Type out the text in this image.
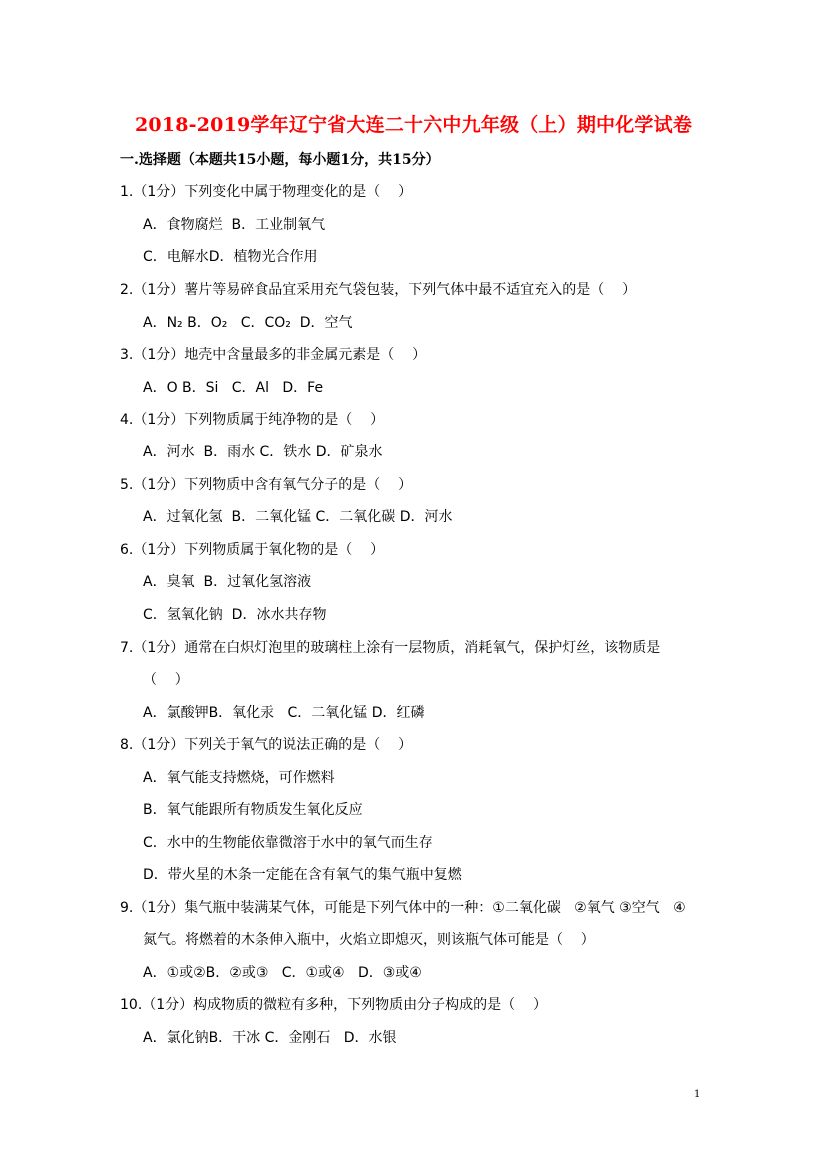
2018-2019学年辽宁省大连二十六中九年级（上）期中化学试卷

一.选择题（本题共15小题，每小题1分，共15分）

1.（1分）下列变化中属于物理变化的是（    ）

A．食物腐烂  B．工业制氧气

C．电解水D．植物光合作用

2.（1分）薯片等易碎食品宜采用充气袋包装，下列气体中最不适宜充入的是（    ）

A．N₂ B．O₂   C．CO₂  D．空气

3.（1分）地壳中含量最多的非金属元素是（    ）

A．O B．Si   C．Al   D．Fe

4.（1分）下列物质属于纯净物的是（    ）

A．河水  B．雨水 C．铁水 D．矿泉水

5.（1分）下列物质中含有氧气分子的是（    ）

A．过氧化氢  B．二氧化锰 C．二氧化碳 D．河水

6.（1分）下列物质属于氧化物的是（    ）

A．臭氧  B．过氧化氢溶液

C．氢氧化钠  D．冰水共存物

7.（1分）通常在白炽灯泡里的玻璃柱上涂有一层物质，消耗氧气，保护灯丝，该物质是

（    ）

A．氯酸钾B．氧化汞   C．二氧化锰 D．红磷

8.（1分）下列关于氧气的说法正确的是（    ）

A．氧气能支持燃烧，可作燃料

B．氧气能跟所有物质发生氧化反应

C．水中的生物能依靠微溶于水中的氧气而生存

D．带火星的木条一定能在含有氧气的集气瓶中复燃

9.（1分）集气瓶中装满某气体，可能是下列气体中的一种：①二氧化碳   ②氧气 ③空气   ④

氮气。将燃着的木条伸入瓶中，火焰立即熄灭，则该瓶气体可能是（    ）

A．①或②B．②或③   C．①或④   D．③或④

10.（1分）构成物质的微粒有多种，下列物质由分子构成的是（    ）

A．氯化钠B．干冰 C．金刚石   D．水银

1
